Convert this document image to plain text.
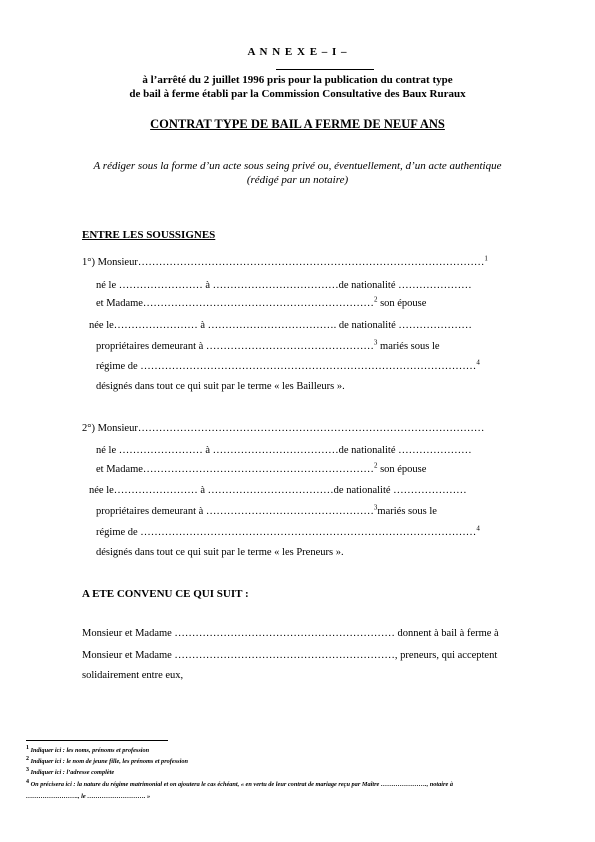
A N N E X E – I –
à l’arrêté du 2 juillet 1996 pris pour la publication du contrat type
de bail à ferme établi par la Commission Consultative des Baux Ruraux
CONTRAT TYPE DE BAIL A FERME DE NEUF ANS
A rédiger sous la forme d’un acte sous seing privé ou, éventuellement, d’un acte authentique
(rédigé par un notaire)
ENTRE LES SOUSSIGNES
1°) Monsieur………………………………………………………………………………………$^1$
né le …………………… à ………………………………de nationalité …………………
et Madame…………………………………………………………$^2$ son épouse
née le…………………… à ………………………………. de nationalité …………………
propriétaires demeurant à …………………………………………$^3$ mariés sous le
régime de ……………………………………………………………………………………$^4$
désignés dans tout ce qui suit par le terme « les Bailleurs ».
2°) Monsieur………………………………………………………………………………………
né le …………………… à ………………………………de nationalité …………………
et Madame…………………………………………………………$^2$ son épouse
née le…………………… à ………………………………de nationalité …………………
propriétaires demeurant à …………………………………………$^3$mariés sous le
régime de ……………………………………………………………………………………$^4$
désignés dans tout ce qui suit par le terme « les Preneurs ».
A ETE CONVENU CE QUI SUIT :
Monsieur et Madame ……………………………………………………… donnent à bail à ferme à
Monsieur et Madame ………………………………………………………, preneurs, qui acceptent
solidairement entre eux,
1 Indiquer ici : les noms, prénoms et profession
2 Indiquer ici : le nom de jeune fille, les prénoms et profession
3 Indiquer ici : l’adresse complète
4 On précisera ici : la nature du régime matrimonial et on ajoutera le cas échéant, « en vertu de leur contrat de mariage reçu par Maître …………………., notaire à
……………………., le ………………………. »
